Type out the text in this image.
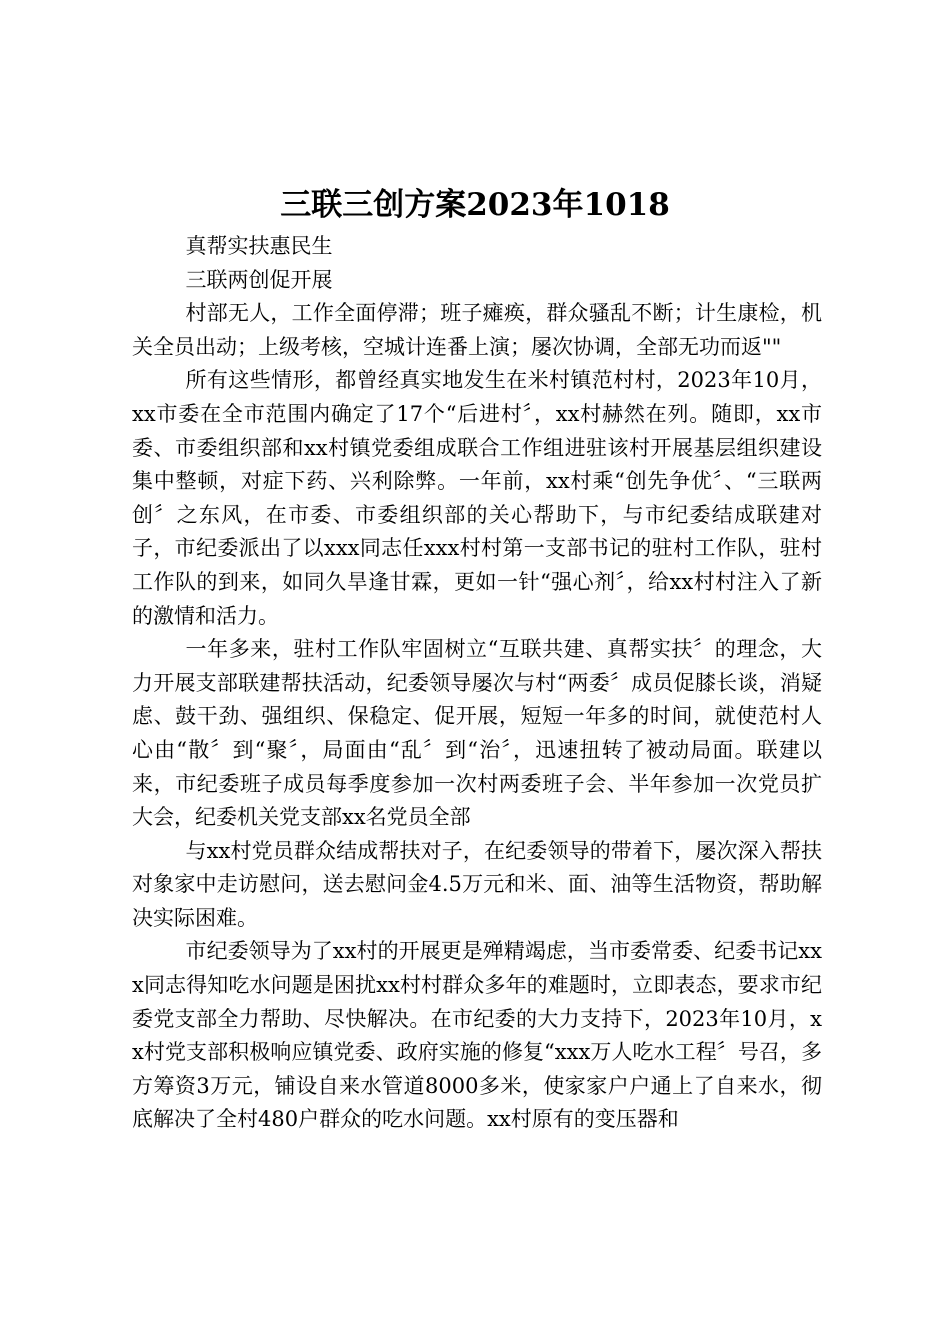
三联三创方案2023年1018

真帮实扶惠民生

三联两创促开展

村部无人，工作全面停滞；班子瘫痪，群众骚乱不断；计生康检，机关全员出动；上级考核，空城计连番上演；屡次协调，全部无功而返""

所有这些情形，都曾经真实地发生在米村镇范村村，2023年10月，xx市委在全市范围内确定了17个“后进村〞，xx村赫然在列。随即，xx市委、市委组织部和xx村镇党委组成联合工作组进驻该村开展基层组织建设集中整顿，对症下药、兴利除弊。一年前，xx村乘“创先争优〞、“三联两创〞之东风，在市委、市委组织部的关心帮助下，与市纪委结成联建对子，市纪委派出了以xxx同志任xxx村村第一支部书记的驻村工作队，驻村工作队的到来，如同久旱逢甘霖，更如一针“强心剂〞，给xx村村注入了新的激情和活力。

一年多来，驻村工作队牢固树立“互联共建、真帮实扶〞的理念，大力开展支部联建帮扶活动，纪委领导屡次与村“两委〞成员促膝长谈，消疑虑、鼓干劲、强组织、保稳定、促开展，短短一年多的时间，就使范村人心由“散〞到“聚〞，局面由“乱〞到“治〞，迅速扭转了被动局面。联建以来，市纪委班子成员每季度参加一次村两委班子会、半年参加一次党员扩大会，纪委机关党支部xx名党员全部

与xx村党员群众结成帮扶对子，在纪委领导的带着下，屡次深入帮扶对象家中走访慰问，送去慰问金4.5万元和米、面、油等生活物资，帮助解决实际困难。

市纪委领导为了xx村的开展更是殚精竭虑，当市委常委、纪委书记xxx同志得知吃水问题是困扰xx村村群众多年的难题时，立即表态，要求市纪委党支部全力帮助、尽快解决。在市纪委的大力支持下，2023年10月，xx村党支部积极响应镇党委、政府实施的修复“xxx万人吃水工程〞号召，多方筹资3万元，铺设自来水管道8000多米，使家家户户通上了自来水，彻底解决了全村480户群众的吃水问题。xx村原有的变压器和
